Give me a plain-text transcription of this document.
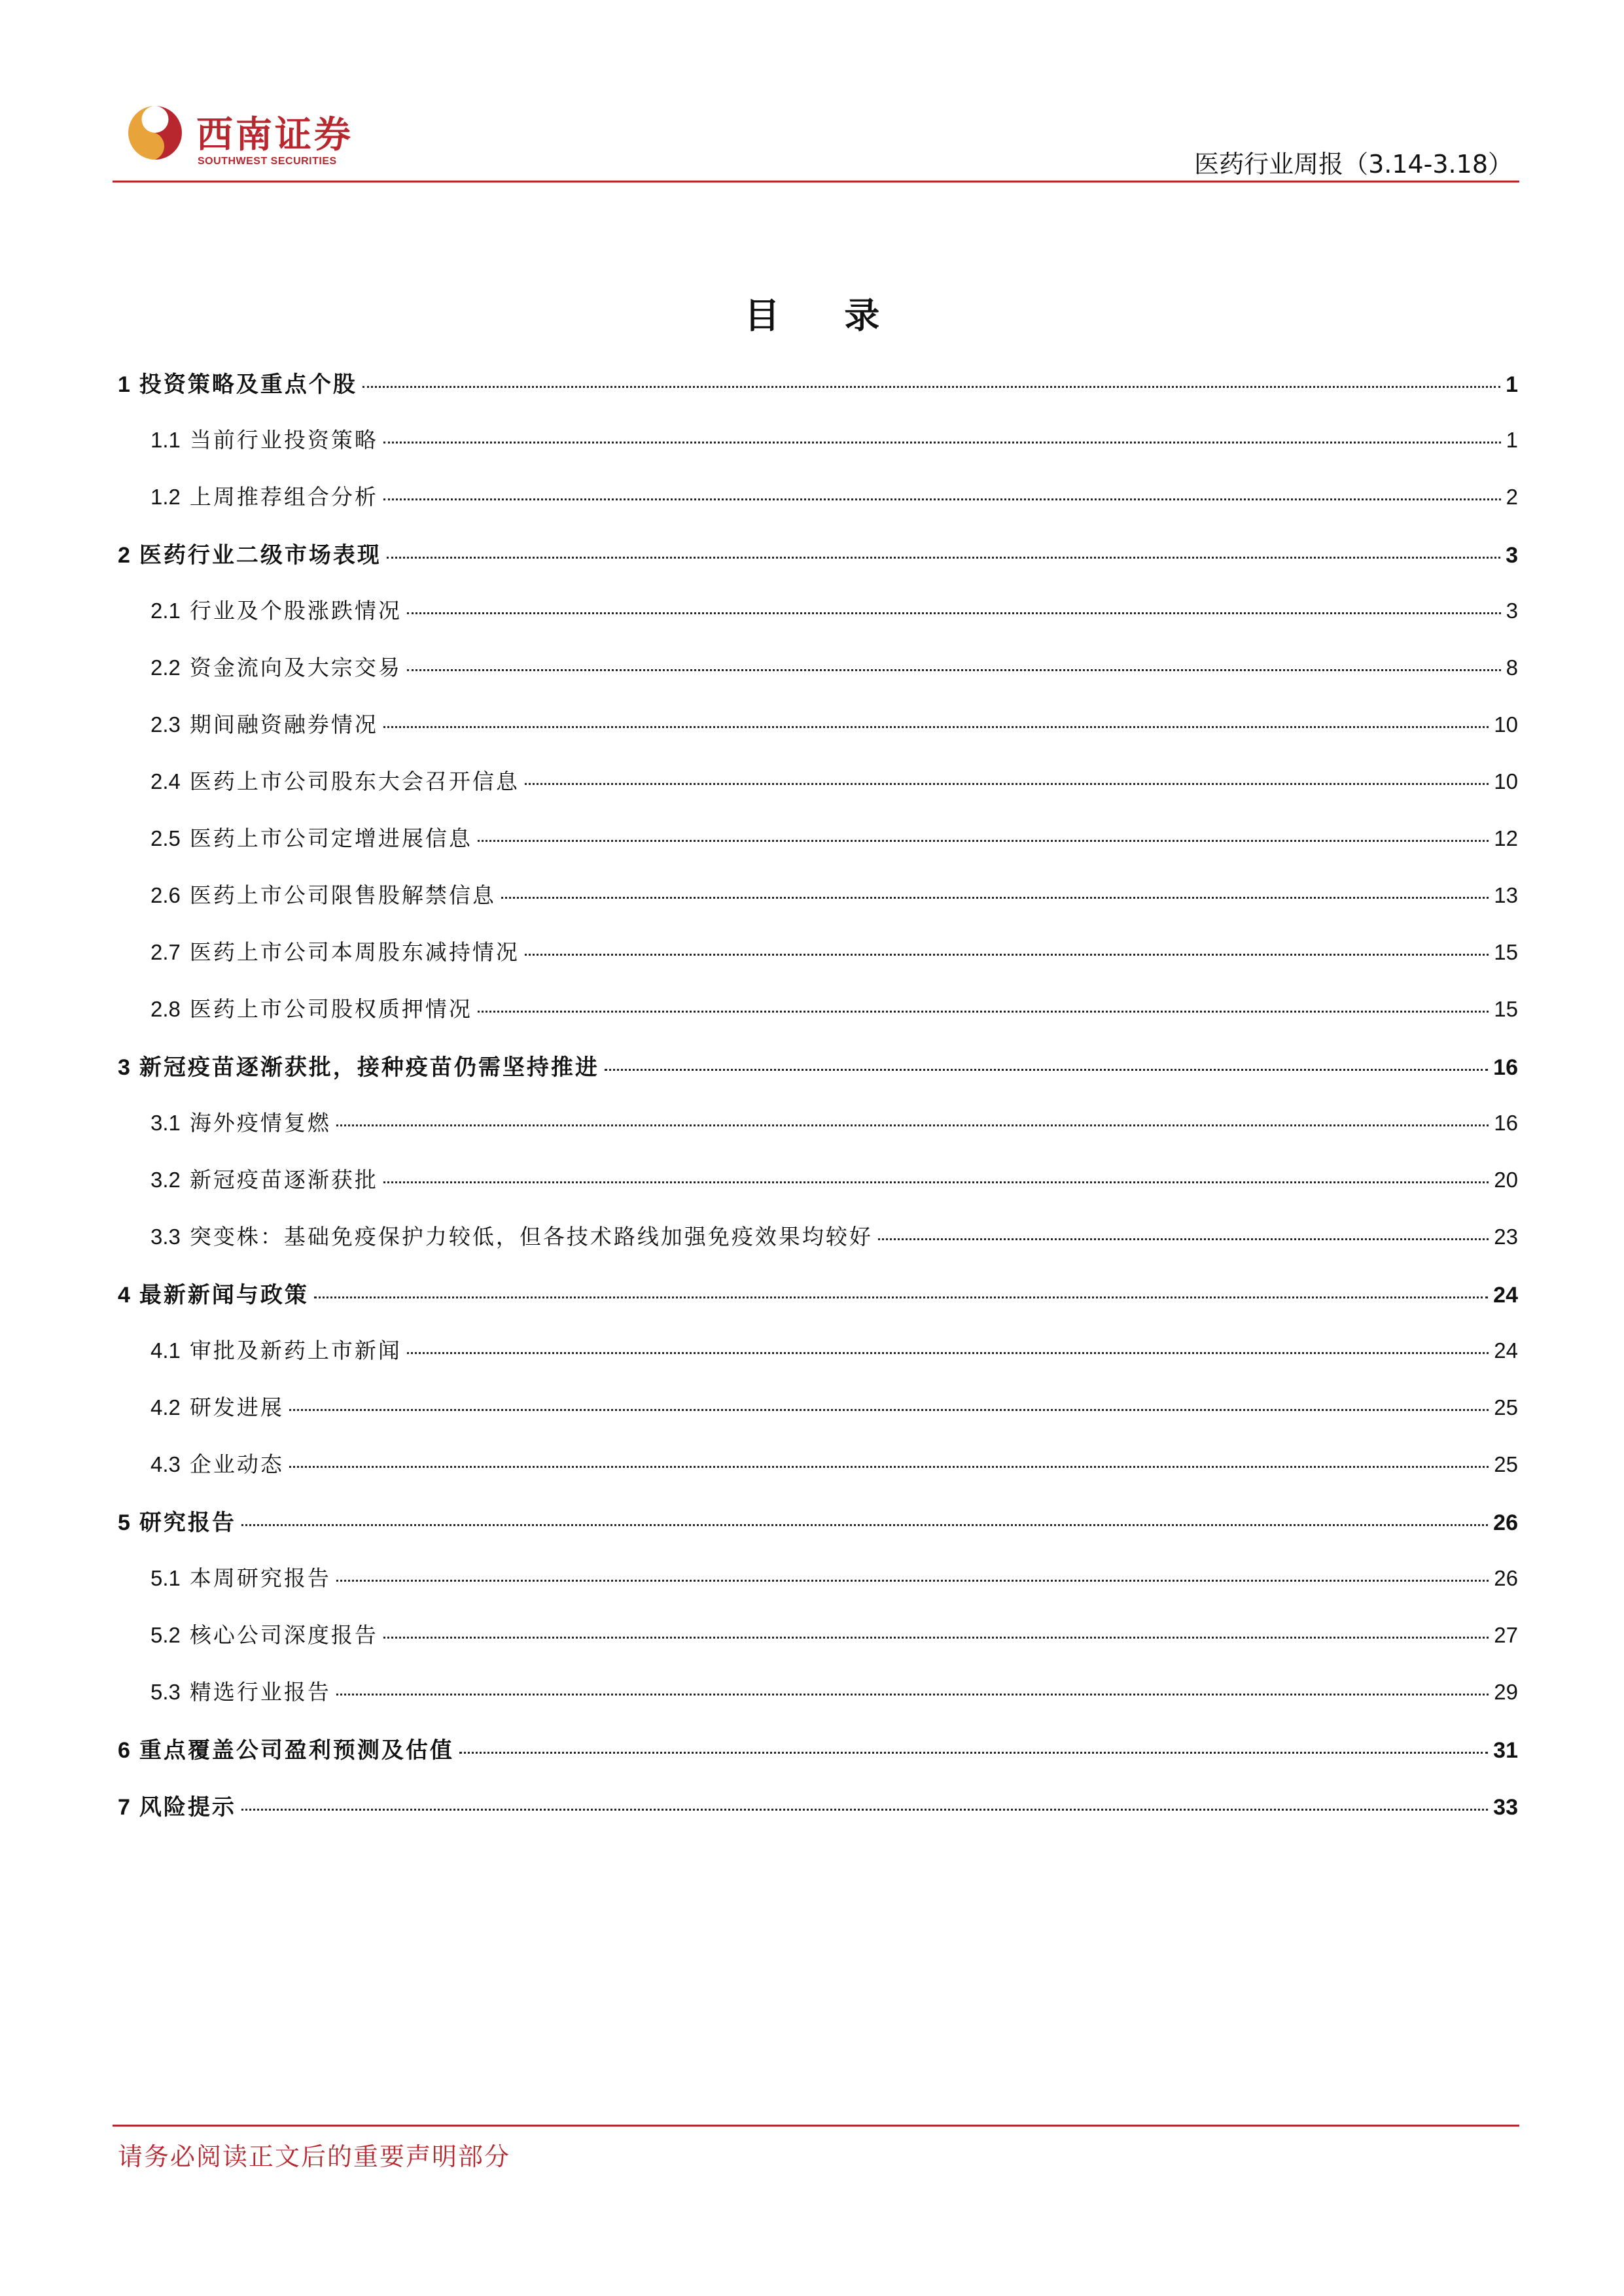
西南证券
SOUTHWEST SECURITIES	医药行业周报（3.14-3.18）
目 录
1 投资策略及重点个股	1
1.1 当前行业投资策略	1
1.2 上周推荐组合分析	2
2 医药行业二级市场表现	3
2.1 行业及个股涨跌情况	3
2.2 资金流向及大宗交易	8
2.3 期间融资融券情况	10
2.4 医药上市公司股东大会召开信息	10
2.5 医药上市公司定增进展信息	12
2.6 医药上市公司限售股解禁信息	13
2.7 医药上市公司本周股东减持情况	15
2.8 医药上市公司股权质押情况	15
3 新冠疫苗逐渐获批，接种疫苗仍需坚持推进	16
3.1 海外疫情复燃	16
3.2 新冠疫苗逐渐获批	20
3.3 突变株：基础免疫保护力较低，但各技术路线加强免疫效果均较好	23
4 最新新闻与政策	24
4.1 审批及新药上市新闻	24
4.2 研发进展	25
4.3 企业动态	25
5 研究报告	26
5.1 本周研究报告	26
5.2 核心公司深度报告	27
5.3 精选行业报告	29
6 重点覆盖公司盈利预测及估值	31
7 风险提示	33
请务必阅读正文后的重要声明部分
